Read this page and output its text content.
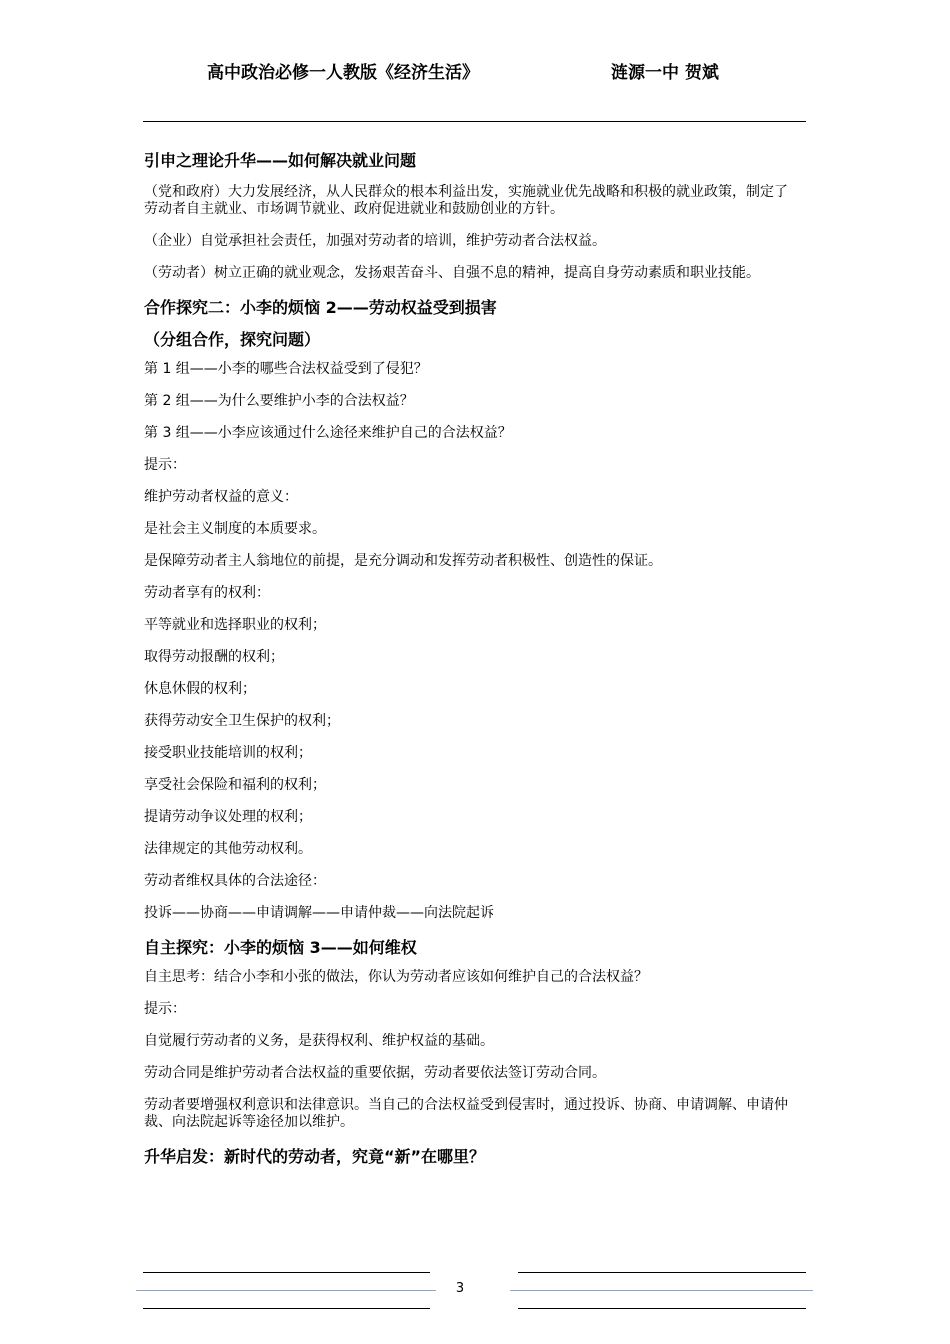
高中政治必修一人教版《经济生活》	涟源一中 贺斌
引申之理论升华——如何解决就业问题
（党和政府）大力发展经济，从人民群众的根本利益出发，实施就业优先战略和积极的就业政策，制定了劳动者自主就业、市场调节就业、政府促进就业和鼓励创业的方针。
（企业）自觉承担社会责任，加强对劳动者的培训，维护劳动者合法权益。
（劳动者）树立正确的就业观念，发扬艰苦奋斗、自强不息的精神，提高自身劳动素质和职业技能。
合作探究二：小李的烦恼 2——劳动权益受到损害
（分组合作，探究问题）
第 1 组——小李的哪些合法权益受到了侵犯？
第 2 组——为什么要维护小李的合法权益？
第 3 组——小李应该通过什么途径来维护自己的合法权益？
提示：
维护劳动者权益的意义：
是社会主义制度的本质要求。
是保障劳动者主人翁地位的前提，是充分调动和发挥劳动者积极性、创造性的保证。
劳动者享有的权利：
平等就业和选择职业的权利；
取得劳动报酬的权利；
休息休假的权利；
获得劳动安全卫生保护的权利；
接受职业技能培训的权利；
享受社会保险和福利的权利；
提请劳动争议处理的权利；
法律规定的其他劳动权利。
劳动者维权具体的合法途径：
投诉——协商——申请调解——申请仲裁——向法院起诉
自主探究：小李的烦恼 3——如何维权
自主思考：结合小李和小张的做法，你认为劳动者应该如何维护自己的合法权益？
提示：
自觉履行劳动者的义务，是获得权利、维护权益的基础。
劳动合同是维护劳动者合法权益的重要依据，劳动者要依法签订劳动合同。
劳动者要增强权利意识和法律意识。当自己的合法权益受到侵害时，通过投诉、协商、申请调解、申请仲裁、向法院起诉等途径加以维护。
升华启发：新时代的劳动者，究竟“新”在哪里？
3
